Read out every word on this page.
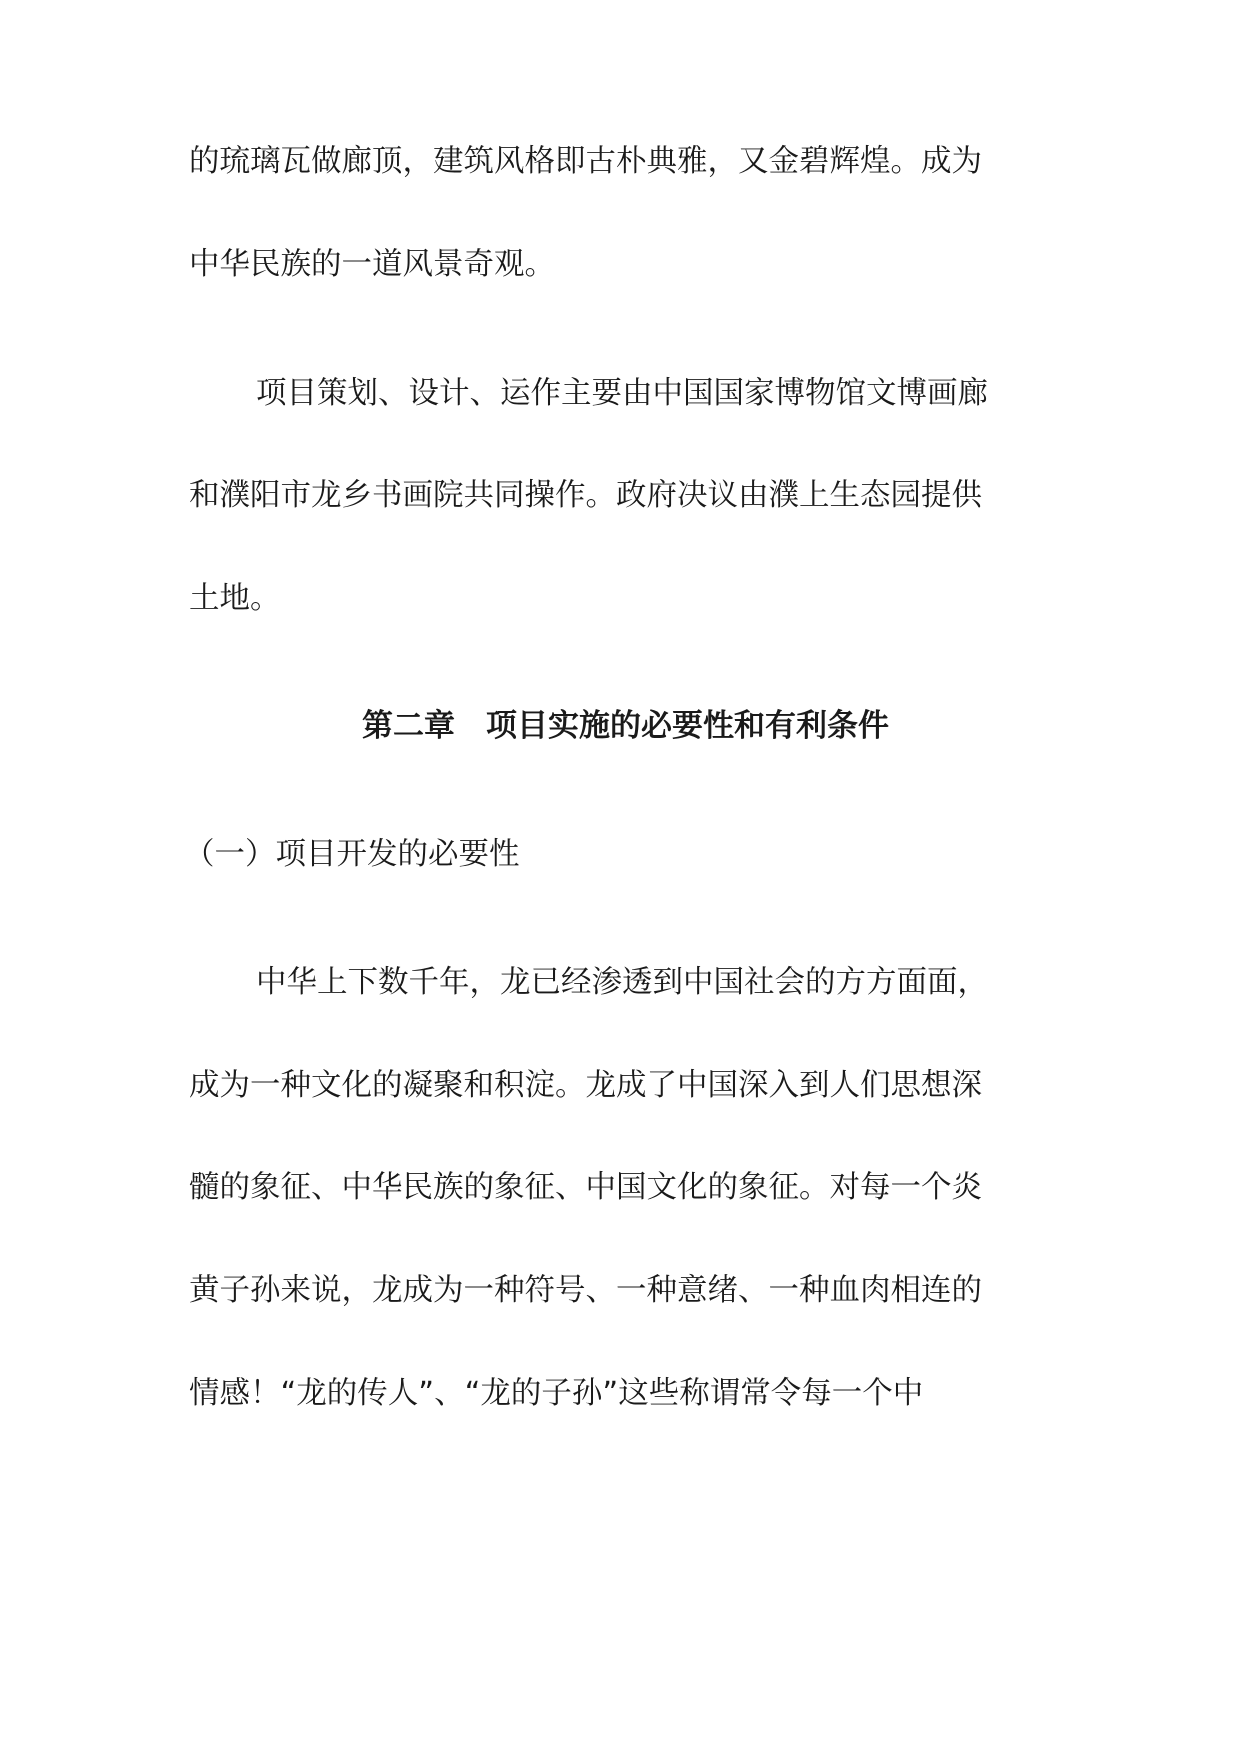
的琉璃瓦做廊顶，建筑风格即古朴典雅，又金碧辉煌。成为
中华民族的一道风景奇观。
项目策划、设计、运作主要由中国国家博物馆文博画廊
和濮阳市龙乡书画院共同操作。政府决议由濮上生态园提供
土地。
第二章　项目实施的必要性和有利条件
（一）项目开发的必要性
中华上下数千年，龙已经渗透到中国社会的方方面面，
成为一种文化的凝聚和积淀。龙成了中国深入到人们思想深
髓的象征、中华民族的象征、中国文化的象征。对每一个炎
黄子孙来说，龙成为一种符号、一种意绪、一种血肉相连的
情感！“龙的传人”、“龙的子孙”这些称谓常令每一个中
